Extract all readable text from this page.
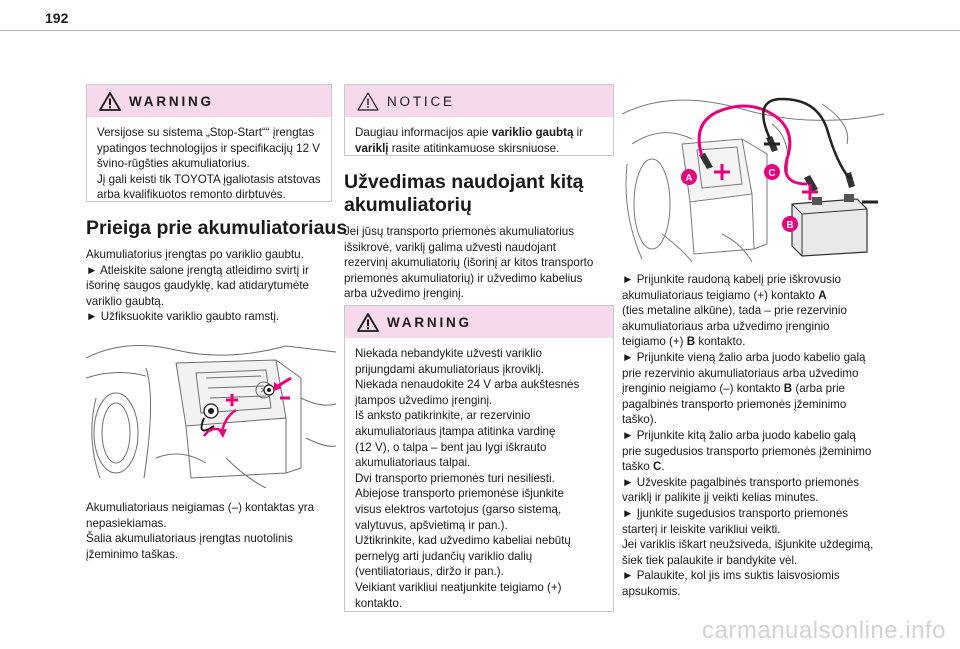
192
WARNING

Versijose su sistema „Stop-Start““ įrengtas

ypatingos technologijos ir specifikacijų 12 V

švino-rūgšties akumuliatorius.

Jį gali keisti tik TOYOTA įgaliotasis atstovas

arba kvalifikuotos remonto dirbtuvės.

Prieiga prie akumuliatoriaus

Akumuliatorius įrengtas po variklio gaubtu.

► Atleiskite salone įrengtą atleidimo svirtį ir

išorinę saugos gaudyklę, kad atidarytumėte

variklio gaubtą.

► Užfiksuokite variklio gaubto ramstį.

Akumuliatoriaus neigiamas (–) kontaktas yra

nepasiekiamas.

Šalia akumuliatoriaus įrengtas nuotolinis

įžeminimo taškas.

NOTICE

Daugiau informacijos apie variklio gaubtą ir

variklį rasite atitinkamuose skirsniuose.

Užvedimas naudojant kitą
akumuliatorių

Jei jūsų transporto priemonės akumuliatorius

išsikrovė, variklį galima užvesti naudojant

rezervinį akumuliatorių (išorinį ar kitos transporto

priemonės akumuliatorių) ir užvedimo kabelius

arba užvedimo įrenginį.

WARNING

Niekada nebandykite užvesti variklio

prijungdami akumuliatoriaus įkroviklį.

Niekada nenaudokite 24 V arba aukštesnės

įtampos užvedimo įrenginį.

Iš anksto patikrinkite, ar rezervinio

akumuliatoriaus įtampa atitinka vardinę

(12 V), o talpa – bent jau lygi iškrauto

akumuliatoriaus talpai.

Dvi transporto priemonės turi nesiliesti.

Abiejose transporto priemonėse išjunkite

visus elektros vartotojus (garso sistemą,

valytuvus, apšvietimą ir pan.).

Užtikrinkite, kad užvedimo kabeliai nebūtų

pernelyg arti judančių variklio dalių

(ventiliatoriaus, diržo ir pan.).

Veikiant varikliui neatjunkite teigiamo (+)

kontakto.

A	C
B

► Prijunkite raudoną kabelį prie iškrovusio

akumuliatoriaus teigiamo (+) kontakto A

(ties metaline alkūne), tada – prie rezervinio

akumuliatoriaus arba užvedimo įrenginio

teigiamo (+) B kontakto.

► Prijunkite vieną žalio arba juodo kabelio galą

prie rezervinio akumuliatoriaus arba užvedimo

įrenginio neigiamo (–) kontakto B (arba prie

pagalbinės transporto priemonės įžeminimo

taško).

► Prijunkite kitą žalio arba juodo kabelio galą

prie sugedusios transporto priemonės įžeminimo

taško C.

► Užveskite pagalbinės transporto priemonės

variklį ir palikite jį veikti kelias minutes.

► Įjunkite sugedusios transporto priemonės

starterį ir leiskite varikliui veikti.

Jei variklis iškart neužsiveda, išjunkite uždegimą,

šiek tiek palaukite ir bandykite vėl.

► Palaukite, kol jis ims suktis laisvosiomis

apsukomis.

carmanualsonline.info
